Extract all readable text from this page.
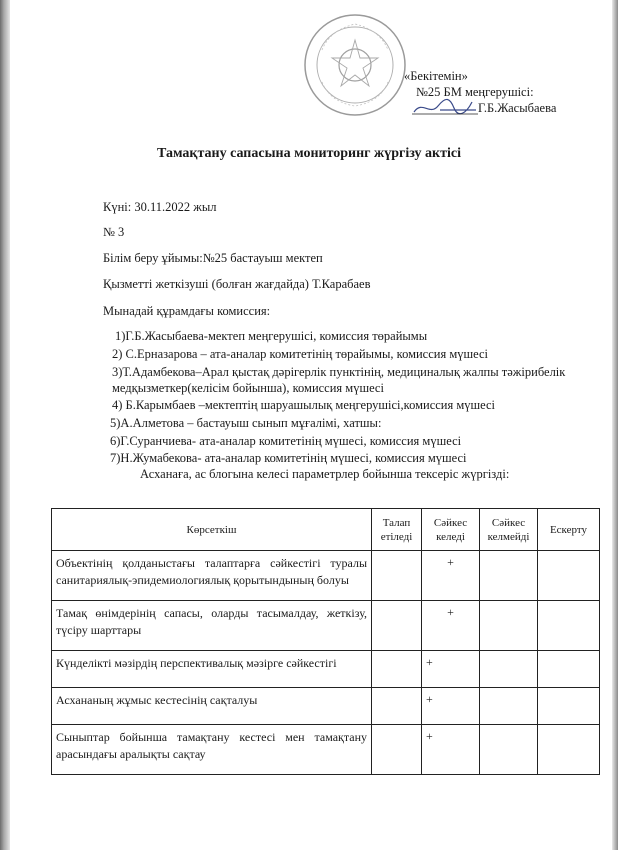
«Бекітемін»
№25 БМ меңгерушісі:
Г.Б.Жасыбаева
Тамақтану сапасына мониторинг жүргізу актісі
Күні: 30.11.2022 жыл
№ 3
Білім беру ұйымы:№25 бастауыш мектеп
Қызметті жеткізуші (болған жағдайда) Т.Карабаев
Мынадай құрамдағы комиссия:
1)Г.Б.Жасыбаева-мектеп меңгерушісі, комиссия төрайымы
2) С.Ерназарова – ата-аналар комитетінің төрайымы, комиссия мүшесі
3)Т.Адамбекова–Арал қыстақ дәрігерлік пунктінің, медициналық жалпы тәжірибелік
медқызметкер(келісім бойынша), комиссия мүшесі
4) Б.Карымбаев –мектептің шаруашылық меңгерушісі,комиссия мүшесі
5)А.Алметова – бастауыш сынып мұғалімі, хатшы:
6)Г.Суранчиева- ата-аналар комитетінің мүшесі, комиссия мүшесі
7)Н.Жумабекова- ата-аналар комитетінің мүшесі, комиссия мүшесі
Асханаға, ас блогына келесі параметрлер бойынша тексеріс жүргізді:
Көрсеткіш	Талап етіледі	Сәйкес келеді	Сәйкес келмейді	Ескерту
Объектінің қолданыстағы талаптарға сәйкестігі туралы санитариялық-эпидемиологиялық қорытындының болуы		+		
Тамақ өнімдерінің сапасы, оларды тасымалдау, жеткізу, түсіру шарттары		+		
Күнделікті мәзірдің перспективалық мәзірге сәйкестігі		+		
Асхананың жұмыс кестесінің сақталуы		+		
Сыныптар бойынша тамақтану кестесі мен тамақтану арасындағы аралықты сақтау		+		
